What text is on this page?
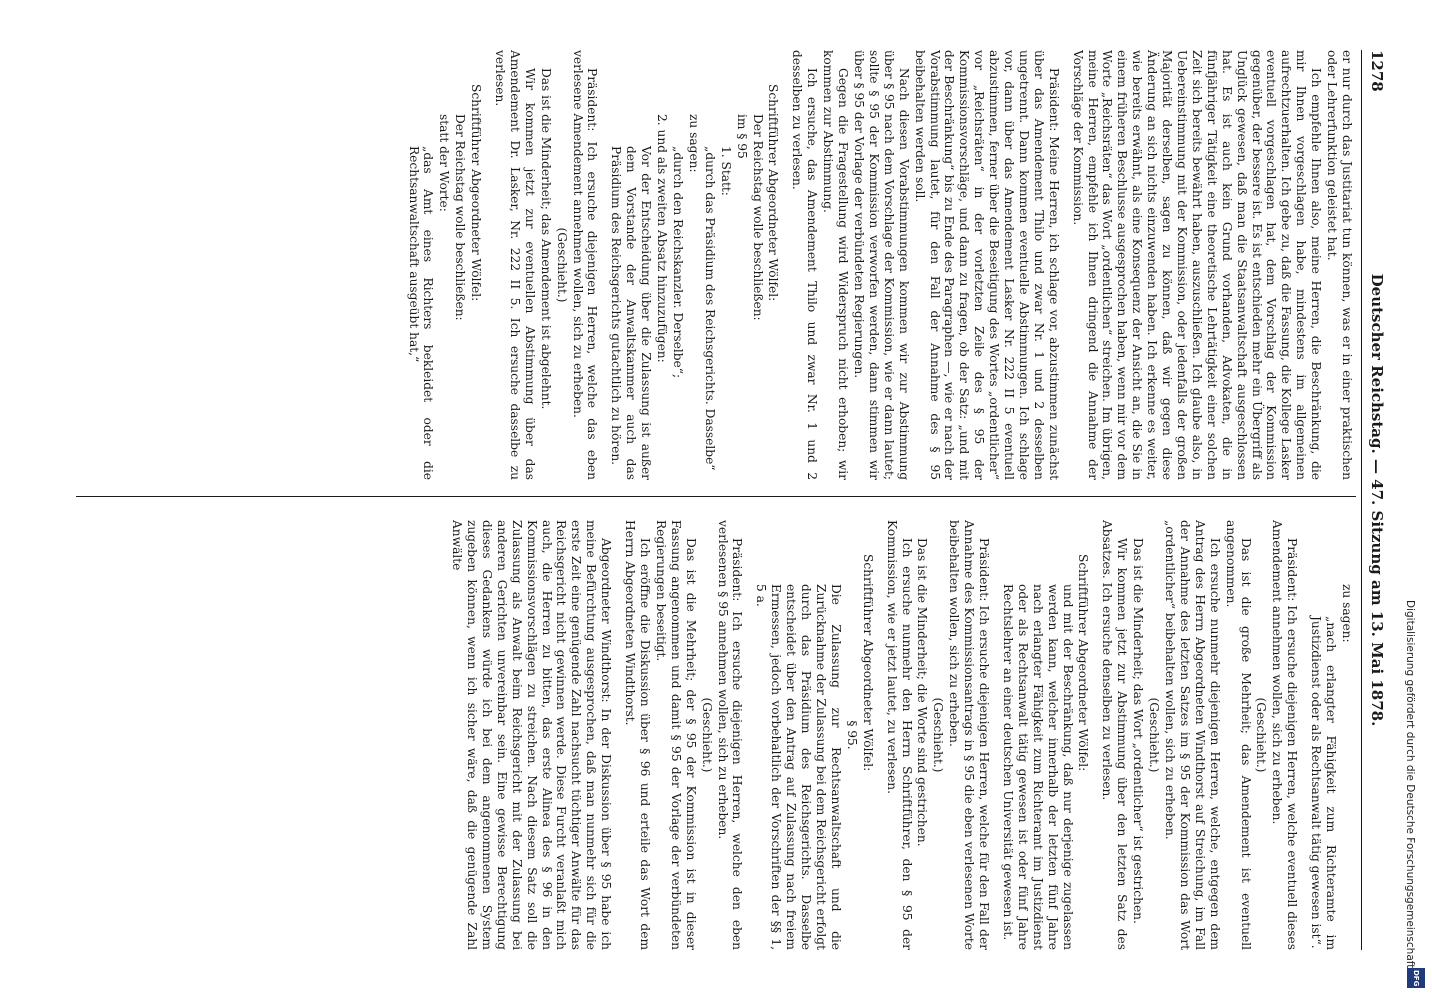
1278
Deutscher Reichstag. — 47. Sitzung am 13. Mai 1878.

er nur durch das Justitariat tun können, was er in einer praktischen oder Lehrerfunktion geleistet hat.

Ich empfehle Ihnen also, meine Herren, die Beschränkung, die mir Ihnen vorgeschlagen habe, mindestens im allgemeinen aufrechtzuerhalten. Ich gebe zu, daß die Fassung, die Kollege Lasker eventuell vorgeschlagen hat, dem Vorschlag der Kommission gegenüber, der bessere ist. Es ist entschieden mehr ein Übergriff als Unglück gewesen, daß man die Staatsanwaltschaft ausgeschlossen hat. Es ist auch kein Grund vorhanden, Advokaten, die in fünfjähriger Tätigkeit eine theoretische Lehrtätigkeit einer solchen Zeit sich bereits bewährt haben, auszuschließen. Ich glaube also, in Uebereinstimmung mit der Kommission, oder jedenfalls der großen Majorität derselben, sagen zu können, daß wir gegen diese Änderung an sich nichts einzuwenden haben. Ich erkenne es weiter, wie bereits erwähnt, als eine Konsequenz der Ansicht an, die Sie in einem früheren Beschlusse ausgesprochen haben, wenn mir vor dem Worte „Reichsräten“ das Wort „ordentlichen“ streichen. Im übrigen, meine Herren, empfehle ich Ihnen dringend die Annahme der Vorschläge der Kommission.

Präsident: Meine Herren, ich schlage vor, abzustimmen zunächst über das Amendement Thilo und zwar Nr. 1 und 2 desselben ungetrennt. Dann kommen eventuelle Abstimmungen. Ich schlage vor, dann über das Amendement Lasker Nr. 222 II 5 eventuell abzustimmen, ferner über die Beseitigung des Wortes „ordentlicher“ vor „Reichsräten“ in der vorletzten Zeile des § 95 der Kommissionsvorschläge, und dann zu fragen, ob der Satz: „und mit der Beschränkung“ bis zu Ende des Paragraphen —, wie er nach der Vorabstimmung lautet, für den Fall der Annahme des § 95 beibehalten werden soll.

Nach diesen Vorabstimmungen kommen wir zur Abstimmung über § 95 nach dem Vorschlage der Kommission, wie er dann lautet; sollte § 95 der Kommission verworfen werden, dann stimmen wir über § 95 der Vorlage der verbündeten Regierungen.

Gegen die Fragestellung wird Widerspruch nicht erhoben; wir kommen zur Abstimmung.

Ich ersuche, das Amendement Thilo und zwar Nr. 1 und 2 desselben zu verlesen.

Schriftführer Abgeordneter Wölfel:

Der Reichstag wolle beschließen:

im § 95

1. Statt:

„durch das Präsidium des Reichsgerichts. Dasselbe“

zu sagen:

„durch den Reichskanzler. Derselbe“;

2. und als zweiten Absatz hinzuzufügen:

Vor der Entscheidung über die Zulassung ist außer dem Vorstande der Anwaltskammer auch das Präsidium des Reichsgerichts gutachtlich zu hören.

Präsident: Ich ersuche diejenigen Herren, welche das eben verlesene Amendement annehmen wollen, sich zu erheben.

(Geschieht.)

Das ist die Minderheit; das Amendement ist abgelehnt.

Wir kommen jetzt zur eventuellen Abstimmung über das Amendement Dr. Lasker, Nr. 222 II 5. Ich ersuche dasselbe zu verlesen.

Schriftführer Abgeordneter Wölfel:

Der Reichstag wolle beschließen:

statt der Worte:

„das Amt eines Richters bekleidet oder die Rechtsanwaltschaft ausgeübt hat,“

zu sagen:

„nach erlangter Fähigkeit zum Richteramte im Justizdienst oder als Rechtsanwalt tätig gewesen ist“.

Präsident: Ich ersuche diejenigen Herren, welche eventuell dieses Amendement annehmen wollen, sich zu erheben.

(Geschieht.)

Das ist die große Mehrheit; das Amendement ist eventuell angenommen.

Ich ersuche nunmehr diejenigen Herren, welche, entgegen dem Antrag des Herrn Abgeordneten Windthorst auf Streichung, im Fall der Annahme des letzten Satzes im § 95 der Kommission das Wort „ordentlicher“ beibehalten wollen, sich zu erheben.

(Geschieht.)

Das ist die Minderheit; das Wort „ordentlicher“ ist gestrichen.

Wir kommen jetzt zur Abstimmung über den letzten Satz des Absatzes. Ich ersuche denselben zu verlesen.

Schriftführer Abgeordneter Wölfel:

und mit der Beschränkung, daß nur derjenige zugelassen werden kann, welcher innerhalb der letzten fünf Jahre nach erlangter Fähigkeit zum Richteramt im Justizdienst oder als Rechtsanwalt tätig gewesen ist oder fünf Jahre Rechtslehrer an einer deutschen Universität gewesen ist.

Präsident: Ich ersuche diejenigen Herren, welche für den Fall der Annahme des Kommissionsantrags in § 95 die eben verlesenen Worte beibehalten wollen, sich zu erheben.

(Geschieht.)

Das ist die Minderheit; die Worte sind gestrichen.

Ich ersuche nunmehr den Herrn Schriftführer, den § 95 der Kommission, wie er jetzt lautet, zu verlesen.

Schriftführer Abgeordneter Wölfel:

§ 95.

Die Zulassung zur Rechtsanwaltschaft und die Zurücknahme der Zulassung bei dem Reichsgericht erfolgt durch das Präsidium des Reichsgerichts. Dasselbe entscheidet über den Antrag auf Zulassung nach freiem Ermessen, jedoch vorbehaltlich der Vorschriften der §§ 1, 5 a.

Präsident: Ich ersuche diejenigen Herren, welche den eben verlesenen § 95 annehmen wollen, sich zu erheben.

(Geschieht.)

Das ist die Mehrheit; der § 95 der Kommission ist in dieser Fassung angenommen und damit § 95 der Vorlage der verbündeten Regierungen beseitigt.

Ich eröffne die Diskussion über § 96 und erteile das Wort dem Herrn Abgeordneten Windthorst.

Abgeordneter Windthorst: In der Diskussion über § 95 habe ich meine Befürchtung ausgesprochen, daß man nunmehr sich für die erste Zeit eine genügende Zahl nachsucht tüchtiger Anwälte für das Reichsgericht nicht gewinnen werde. Diese Furcht veranlaßt mich auch, die Herren zu bitten, das erste Alinea des § 96 in den Kommissionsvorschlägen zu streichen. Nach diesem Satz soll die Zulassung als Anwalt beim Reichsgericht mit der Zulassung bei anderen Gerichten unvereinbar sein. Eine gewisse Berechtigung dieses Gedankens würde ich bei dem angenommenen System zugeben können, wenn ich sicher wäre, daß die genügende Zahl Anwälte

Digitalisierung gefördert durch die Deutsche Forschungsgemeinschaft
DFG
